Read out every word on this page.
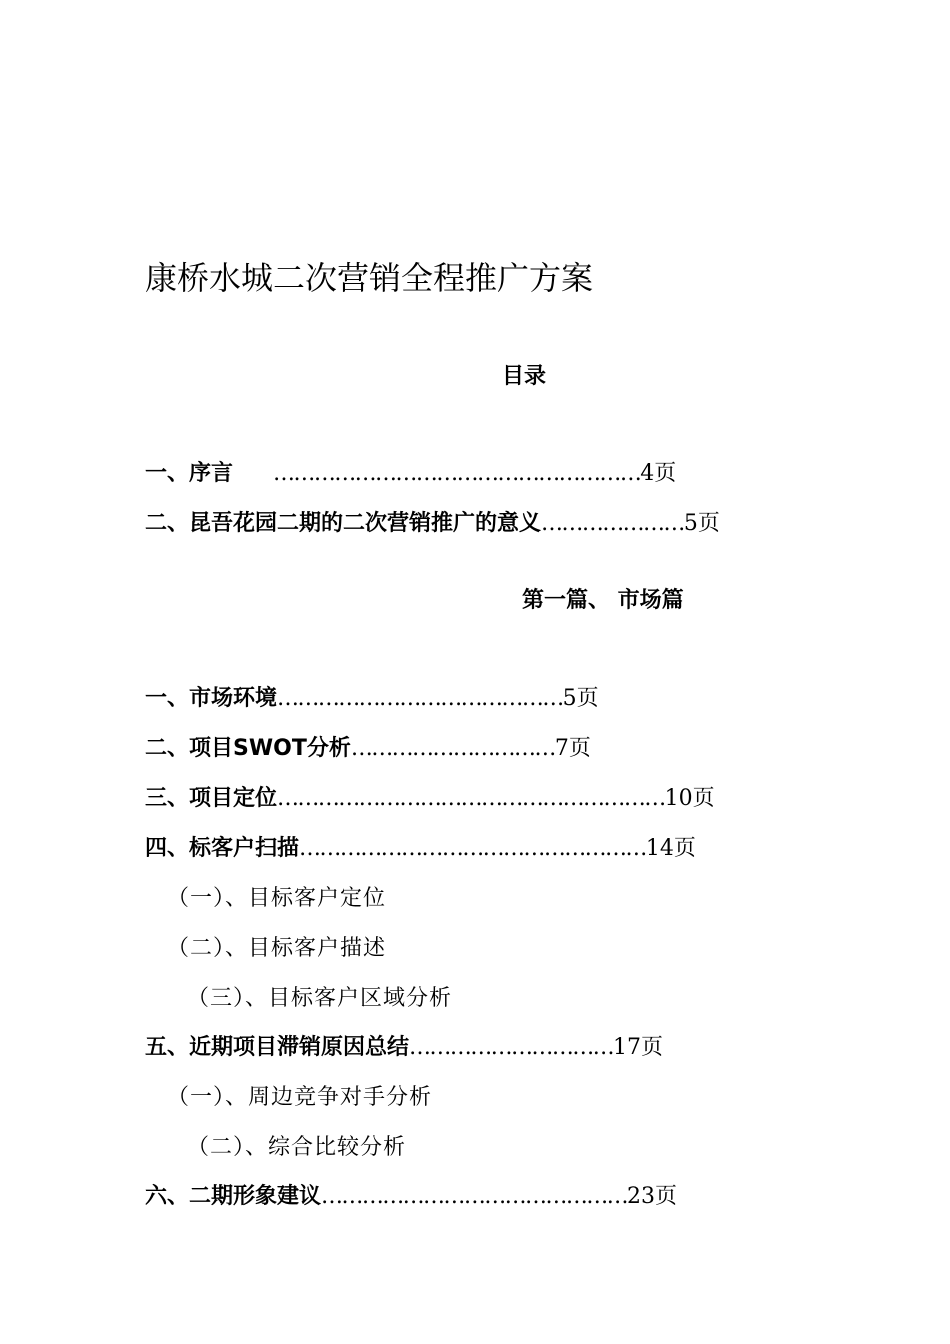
康桥水城二次营销全程推广方案
目录
一、序言 ………………………………………………4页
二、昆吾花园二期的二次营销推广的意义…………………5页
第一篇、 市场篇
一、市场环境……………………………………5页
二、项目SWOT分析…………………………7页
三、项目定位…………………………………………………10页
四、标客户扫描……………………………………………14页
（一）、目标客户定位
（二）、目标客户描述
（三）、目标客户区域分析
五、近期项目滞销原因总结…………………………17页
（一）、周边竞争对手分析
（二）、综合比较分析
六、二期形象建议………………………………………23页
